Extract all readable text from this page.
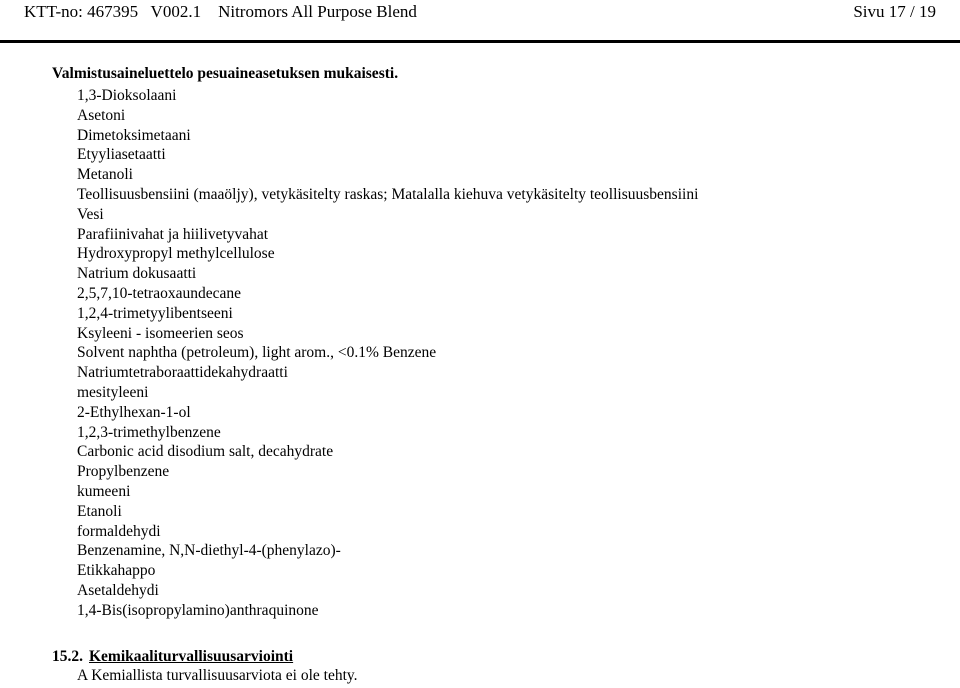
KTT-no: 467395   V002.1    Nitromors All Purpose Blend	Sivu 17 / 19
Valmistusaineluettelo pesuaineasetuksen mukaisesti.
1,3-Dioksolaani
Asetoni
Dimetoksimetaani
Etyyliasetaatti
Metanoli
Teollisuusbensiini (maaöljy), vetykäsitelty raskas; Matalalla kiehuva vetykäsitelty teollisuusbensiini
Vesi
Parafiinivahat ja hiilivetyvahat
Hydroxypropyl methylcellulose
Natrium dokusaatti
2,5,7,10-tetraoxaundecane
1,2,4-trimetyylibentseeni
Ksyleeni - isomeerien seos
Solvent naphtha (petroleum), light arom., <0.1% Benzene
Natriumtetraboraattidekahydraatti
mesityleeni
2-Ethylhexan-1-ol
1,2,3-trimethylbenzene
Carbonic acid disodium salt, decahydrate
Propylbenzene
kumeeni
Etanoli
formaldehydi
Benzenamine, N,N-diethyl-4-(phenylazo)-
Etikkahappo
Asetaldehydi
1,4-Bis(isopropylamino)anthraquinone
15.2. Kemikaaliturvallisuusarviointi
A Kemiallista turvallisuusarviota ei ole tehty.
